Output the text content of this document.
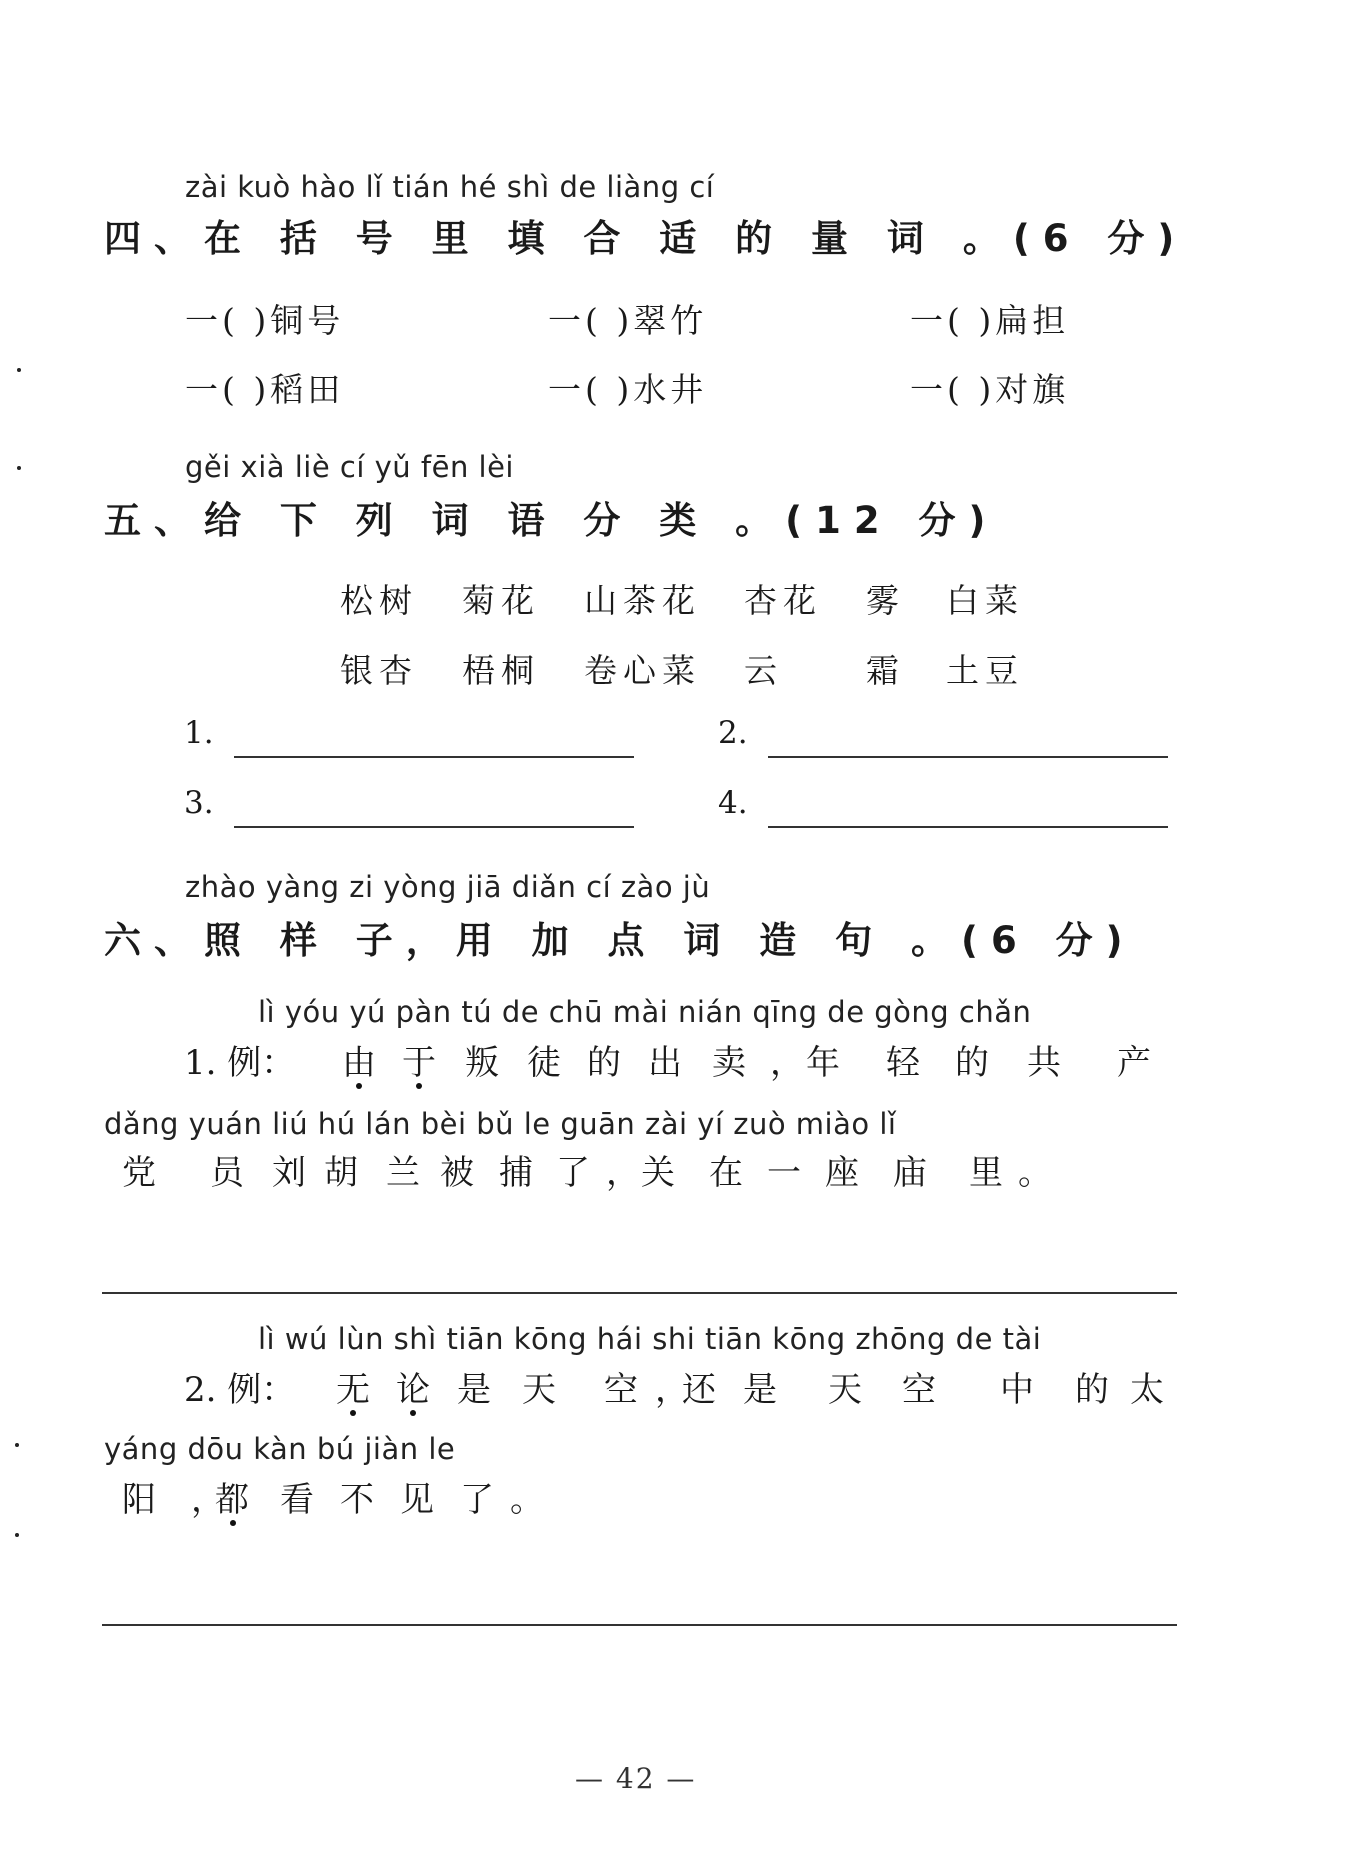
zài kuò hào lǐ tián hé shì de liàng cí
四、在 括 号 里 填 合 适 的 量 词 。(6 分)
一( )铜号	一( )翠竹	一( )扁担
一( )稻田	一( )水井	一( )对旗
gěi xià liè cí yǔ fēn lèi
五、给 下 列 词 语 分 类 。(12 分)
松树 菊花 山茶花 杏花 雾 白菜
银杏 梧桐 卷心菜 云	霜 土豆
1.	2.
3.	4.
zhào yàng zi yòng jiā diǎn cí zào jù
六、照 样 子，用 加 点 词 造 句 。(6 分)
lì yóu yú pàn tú de chū mài nián qīng de gòng chǎn
1. 例： 由 于 叛 徒 的 出 卖 ， 年 轻 的 共 产
dǎng yuán liú hú lán bèi bǔ le guān zài yí zuò miào lǐ
党 员 刘 胡 兰 被 捕 了 ， 关 在 一 座 庙 里 。
lì wú lùn shì tiān kōng hái shi tiān kōng zhōng de tài
2. 例： 无 论 是 天 空 ，
还 是 天 空 中 的 太
yáng dōu kàn bú jiàn le
阳 ，
都 看 不 见 了 。
— 42 —
